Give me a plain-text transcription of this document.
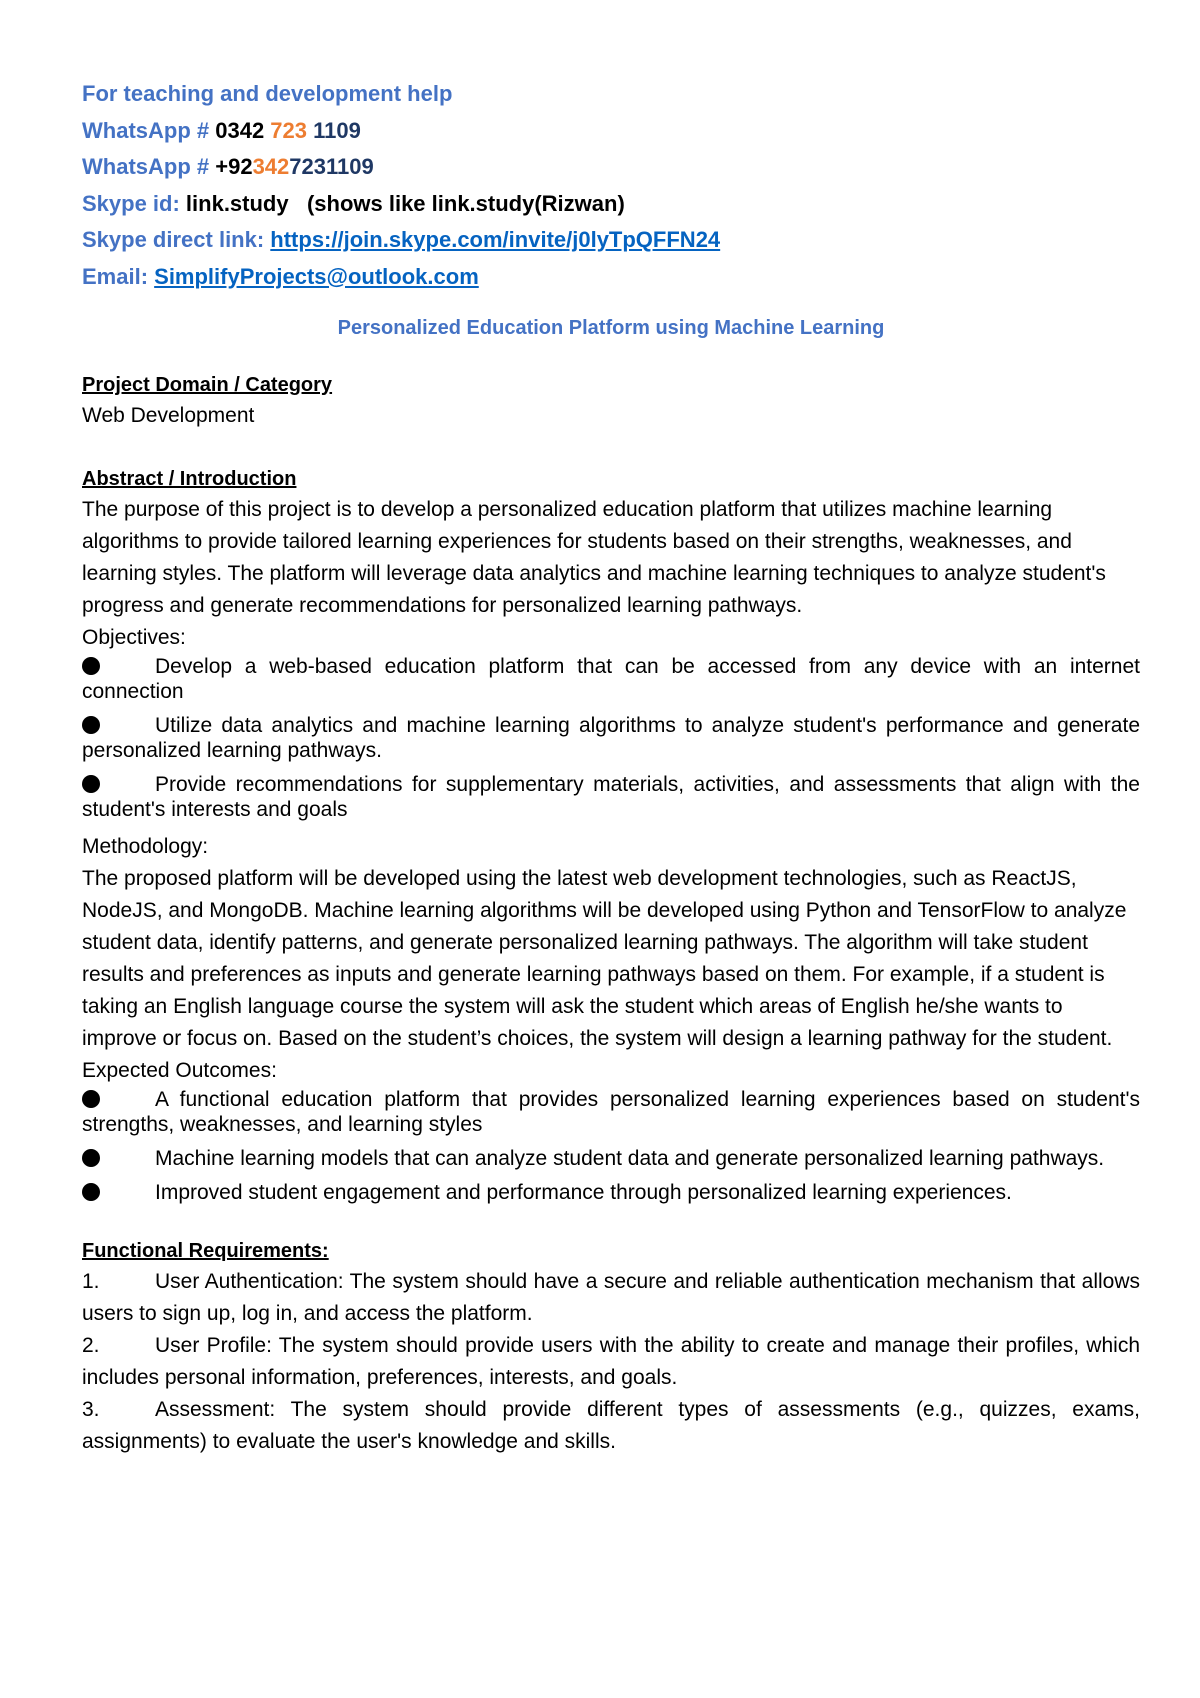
For teaching and development help
WhatsApp # 0342 723 1109
WhatsApp # +923427231109
Skype id: link.study   (shows like link.study(Rizwan)
Skype direct link: https://join.skype.com/invite/j0lyTpQFFN24
Email: SimplifyProjects@outlook.com
Personalized Education Platform using Machine Learning
Project Domain / Category
Web Development
Abstract / Introduction
The purpose of this project is to develop a personalized education platform that utilizes machine learning algorithms to provide tailored learning experiences for students based on their strengths, weaknesses, and learning styles. The platform will leverage data analytics and machine learning techniques to analyze student's progress and generate recommendations for personalized learning pathways.
Objectives:
Develop a web-based education platform that can be accessed from any device with an internet connection
Utilize data analytics and machine learning algorithms to analyze student's performance and generate personalized learning pathways.
Provide recommendations for supplementary materials, activities, and assessments that align with the student's interests and goals
Methodology:
The proposed platform will be developed using the latest web development technologies, such as ReactJS, NodeJS, and MongoDB. Machine learning algorithms will be developed using Python and TensorFlow to analyze student data, identify patterns, and generate personalized learning pathways. The algorithm will take student results and preferences as inputs and generate learning pathways based on them. For example, if a student is taking an English language course the system will ask the student which areas of English he/she wants to improve or focus on. Based on the student’s choices, the system will design a learning pathway for the student.
Expected Outcomes:
A functional education platform that provides personalized learning experiences based on student's strengths, weaknesses, and learning styles
Machine learning models that can analyze student data and generate personalized learning pathways.
Improved student engagement and performance through personalized learning experiences.
Functional Requirements:
1.	User Authentication: The system should have a secure and reliable authentication mechanism that allows users to sign up, log in, and access the platform.
2.	User Profile: The system should provide users with the ability to create and manage their profiles, which includes personal information, preferences, interests, and goals.
3.	Assessment: The system should provide different types of assessments (e.g., quizzes, exams, assignments) to evaluate the user's knowledge and skills.
